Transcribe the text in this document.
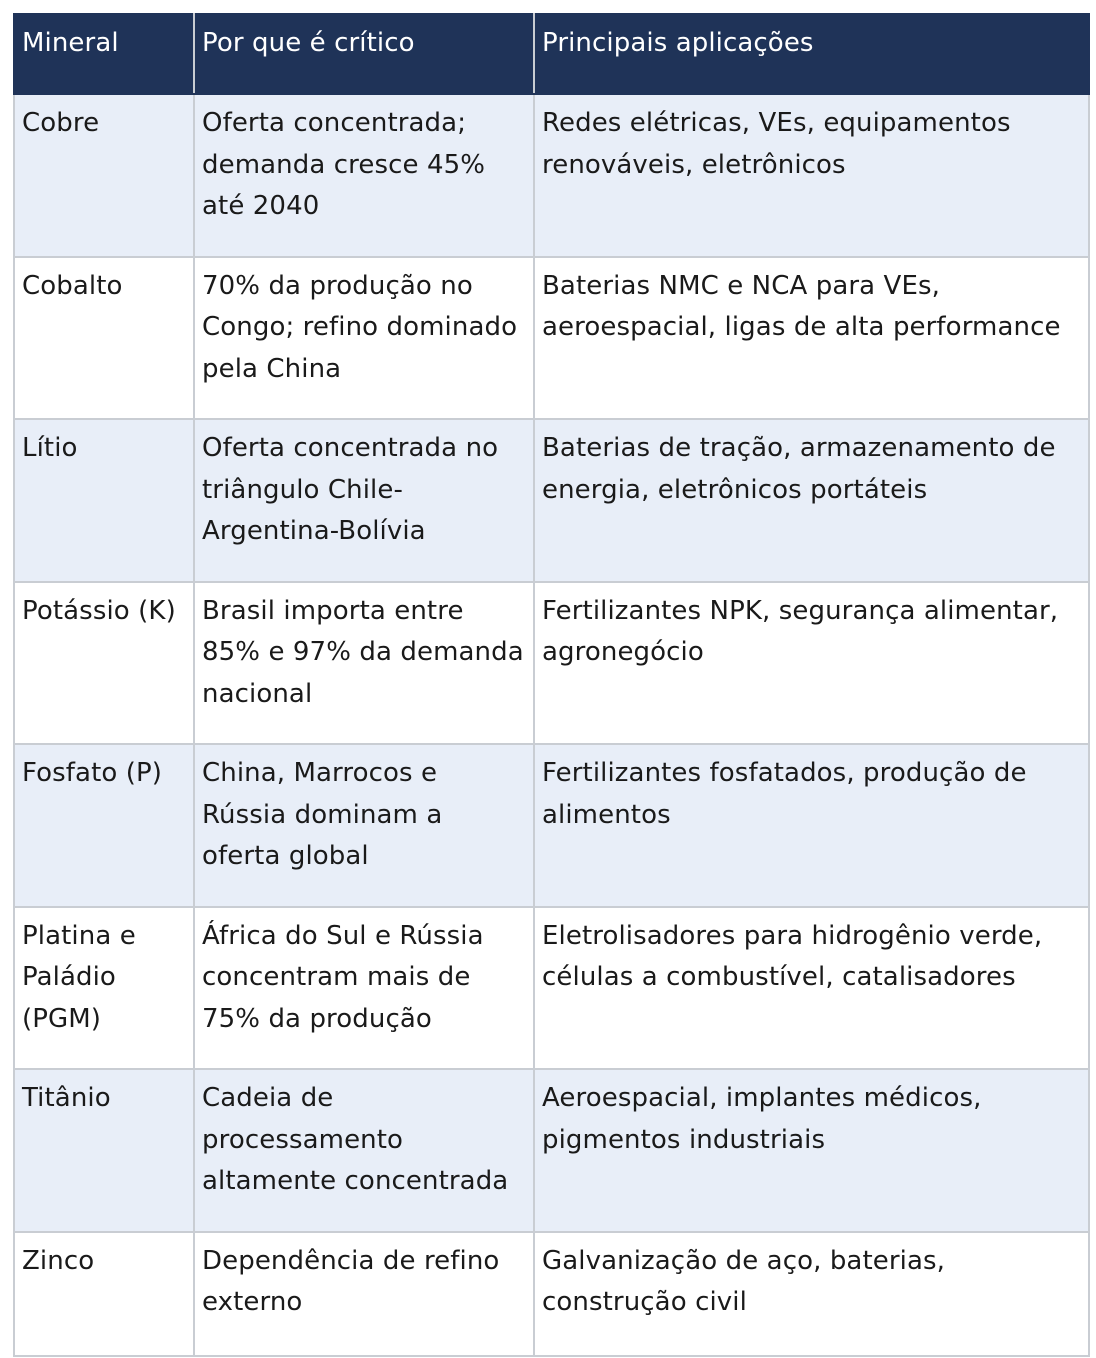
Mineral	Por que é crítico	Principais aplicações
Cobre	Oferta concentrada; demanda cresce 45% até 2040	Redes elétricas, VEs, equipamentos renováveis, eletrônicos
Cobalto	70% da produção no Congo; refino dominado pela China	Baterias NMC e NCA para VEs, aeroespacial, ligas de alta performance
Lítio	Oferta concentrada no triângulo Chile-Argentina-Bolívia	Baterias de tração, armazenamento de energia, eletrônicos portáteis
Potássio (K)	Brasil importa entre 85% e 97% da demanda nacional	Fertilizantes NPK, segurança alimentar, agronegócio
Fosfato (P)	China, Marrocos e Rússia dominam a oferta global	Fertilizantes fosfatados, produção de alimentos
Platina e Paládio (PGM)	África do Sul e Rússia concentram mais de 75% da produção	Eletrolisadores para hidrogênio verde, células a combustível, catalisadores
Titânio	Cadeia de processamento altamente concentrada	Aeroespacial, implantes médicos, pigmentos industriais
Zinco	Dependência de refino externo	Galvanização de aço, baterias, construção civil
